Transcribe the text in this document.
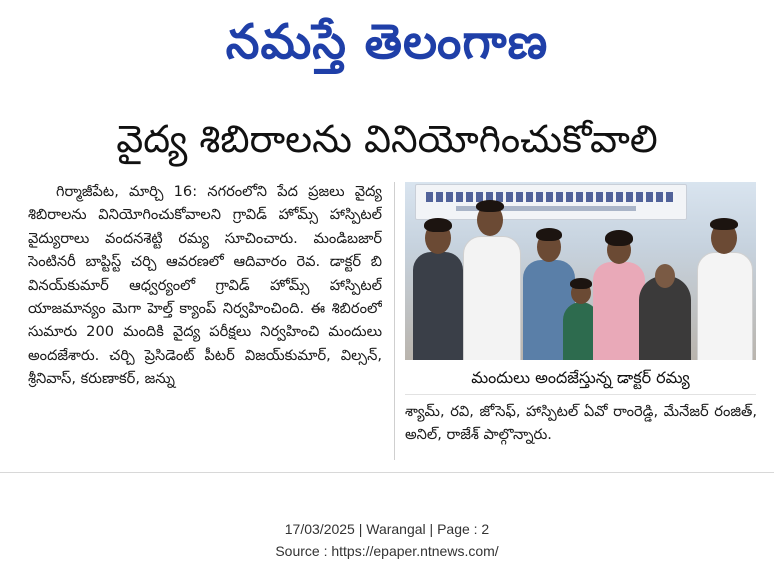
నమస్తే తెలంగాణ
వైద్య శిబిరాలను వినియోగించుకోవాలి

గిర్మాజీపేట, మార్చి 16: నగరంలోని పేద ప్రజలు వైద్య శిబిరాలను వినియోగించుకోవాలని గ్రావిడ్ హోమ్స్ హాస్పిటల్ వైద్యురాలు వందనశెట్టి రమ్య సూచించారు. మండిబజార్ సెంటినరీ బాప్టిస్ట్ చర్చి ఆవరణలో ఆదివారం రెవ. డాక్టర్ బి వినయ్‌కుమార్ ఆధ్వర్యంలో గ్రావిడ్ హోమ్స్ హాస్పిటల్ యాజమాన్యం మెగా హెల్త్ క్యాంప్ నిర్వహించింది. ఈ శిబిరంలో సుమారు 200 మందికి వైద్య పరీక్షలు నిర్వహించి మందులు అందజేశారు. చర్చి ప్రెసిడెంట్ పీటర్ విజయ్‌కుమార్, విల్సన్, శ్రీనివాస్, కరుణాకర్, జన్ను	మందులు అందజేస్తున్న డాక్టర్ రమ్య

శ్యామ్, రవి, జోసెఫ్, హాస్పిటల్ ఏవో రాంరెడ్డి, మేనేజర్ రంజిత్, అనిల్, రాజేశ్ పాల్గొన్నారు.

17/03/2025 | Warangal | Page : 2
Source : https://epaper.ntnews.com/
